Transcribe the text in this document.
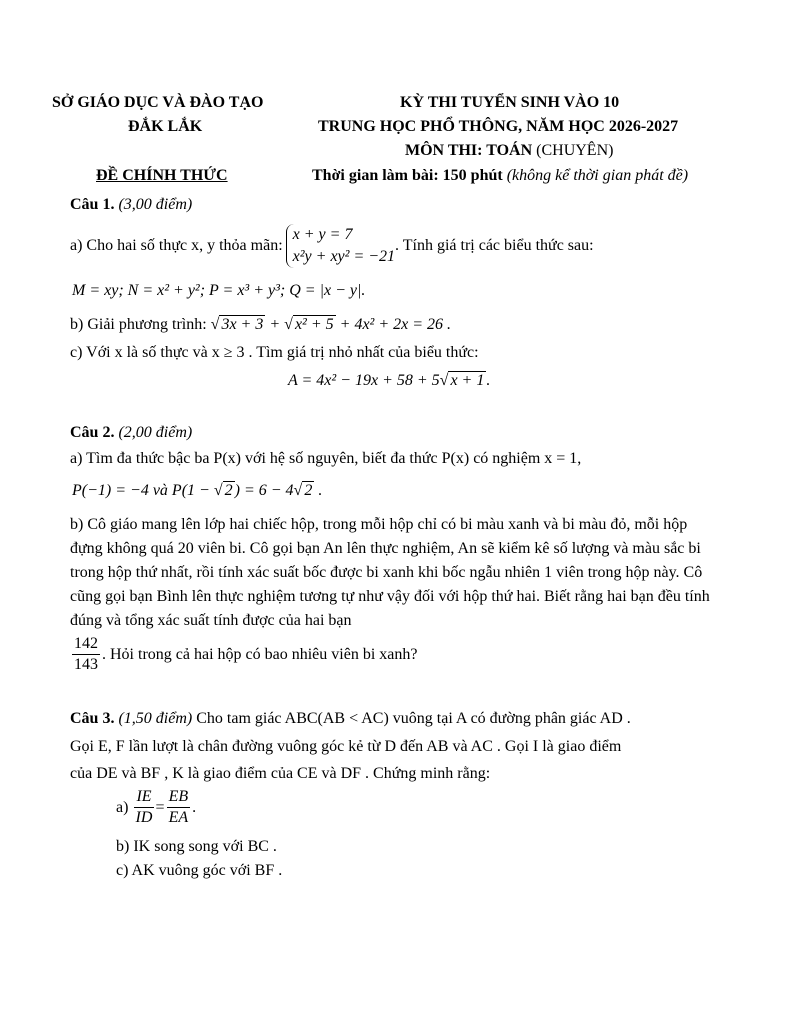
SỞ GIÁO DỤC VÀ ĐÀO TẠO
ĐẮK LẮK
ĐỀ CHÍNH THỨC
KỲ THI TUYỂN SINH VÀO 10
TRUNG HỌC PHỔ THÔNG, NĂM HỌC 2026-2027
MÔN THI: TOÁN (CHUYÊN)
Thời gian làm bài: 150 phút (không kể thời gian phát đề)
Câu 1. (3,00 điểm)
a) Cho hai số thực x, y thỏa mãn:
x + y = 7
x²y + xy² = −21
. Tính giá trị các biểu thức sau:
M = xy; N = x² + y²; P = x³ + y³; Q = |x − y|.
b) Giải phương trình: √ 3x + 3 + √ x² + 5 + 4x² + 2x = 26 .
c) Với x là số thực và x ≥ 3 . Tìm giá trị nhỏ nhất của biểu thức:
A = 4x² − 19x + 58 + 5√ x + 1 .
Câu 2. (2,00 điểm)
a) Tìm đa thức bậc ba P(x) với hệ số nguyên, biết đa thức P(x) có nghiệm x = 1,
P(−1) = −4 và P(1 − √ 2 ) = 6 − 4√ 2 .
b) Cô giáo mang lên lớp hai chiếc hộp, trong mỗi hộp chỉ có bi màu xanh và bi màu đỏ, mỗi hộp đựng không quá 20 viên bi. Cô gọi bạn An lên thực nghiệm, An sẽ kiểm kê số lượng và màu sắc bi trong hộp thứ nhất, rồi tính xác suất bốc được bi xanh khi bốc ngẫu nhiên 1 viên trong hộp này. Cô cũng gọi bạn Bình lên thực nghiệm tương tự như vậy đối với hộp thứ hai. Biết rằng hai bạn đều tính đúng và tổng xác suất tính được của hai bạn
$\frac{142}{143}$ . Hỏi trong cả hai hộp có bao nhiêu viên bi xanh?
Câu 3. (1,50 điểm) Cho tam giác ABC(AB < AC) vuông tại A có đường phân giác AD .
Gọi E, F lần lượt là chân đường vuông góc kẻ từ D đến AB và AC . Gọi I là giao điểm
của DE và BF , K là giao điểm của CE và DF . Chứng minh rằng:
$a) \frac{IE}{ID} = \frac{EB}{EA}$ .
b) IK song song với BC .
c) AK vuông góc với BF .
